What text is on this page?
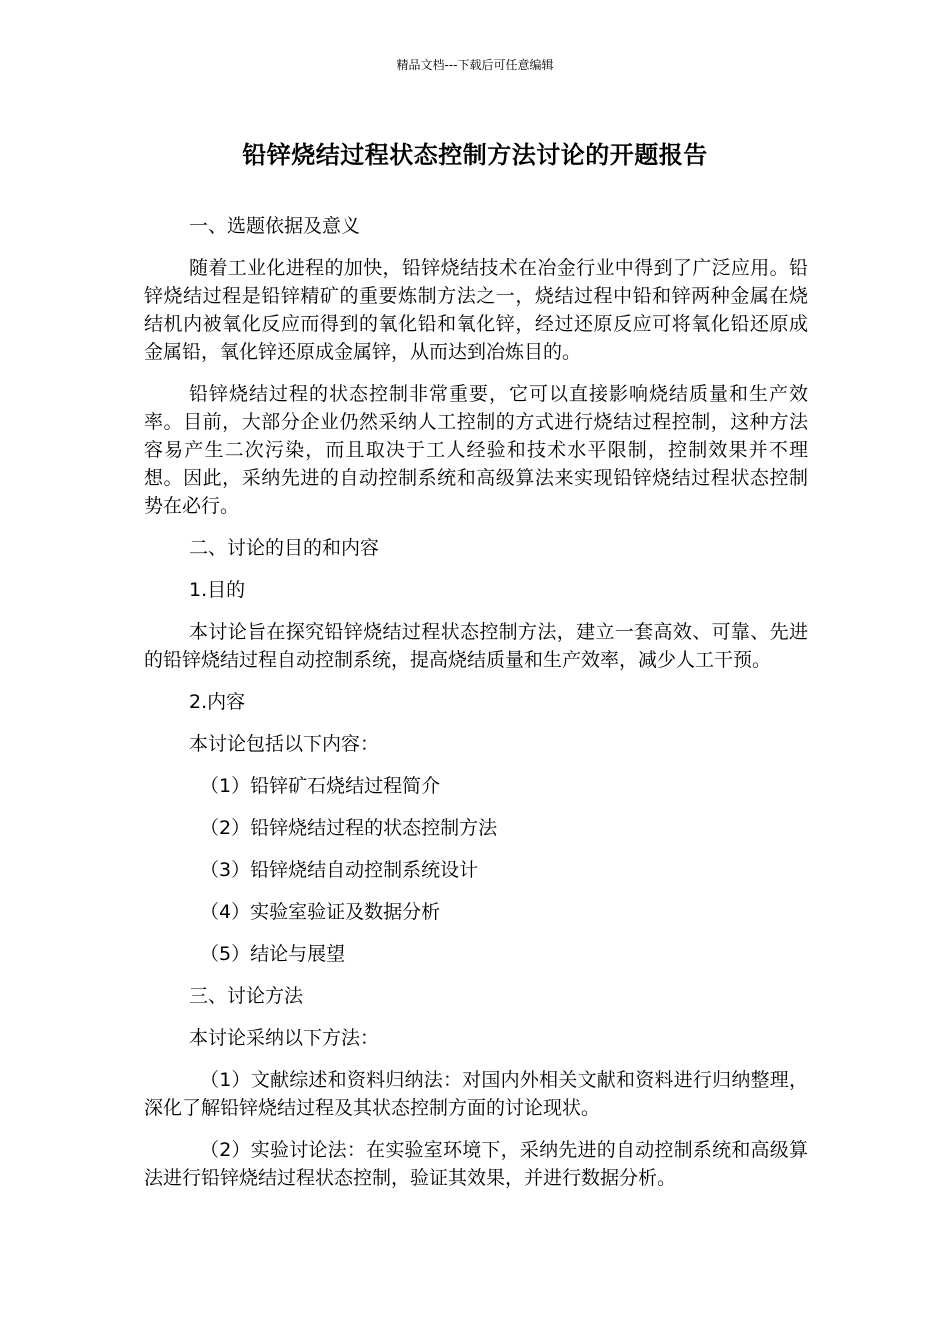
精品文档---下载后可任意编辑
铅锌烧结过程状态控制方法讨论的开题报告

一、选题依据及意义

随着工业化进程的加快，铅锌烧结技术在冶金行业中得到了广泛应用。铅锌烧结过程是铅锌精矿的重要炼制方法之一，烧结过程中铅和锌两种金属在烧结机内被氧化反应而得到的氧化铅和氧化锌，经过还原反应可将氧化铅还原成金属铅，氧化锌还原成金属锌，从而达到冶炼目的。

铅锌烧结过程的状态控制非常重要，它可以直接影响烧结质量和生产效率。目前，大部分企业仍然采纳人工控制的方式进行烧结过程控制，这种方法容易产生二次污染，而且取决于工人经验和技术水平限制，控制效果并不理想。因此，采纳先进的自动控制系统和高级算法来实现铅锌烧结过程状态控制势在必行。

二、讨论的目的和内容

1.目的

本讨论旨在探究铅锌烧结过程状态控制方法，建立一套高效、可靠、先进的铅锌烧结过程自动控制系统，提高烧结质量和生产效率，减少人工干预。

2.内容

本讨论包括以下内容：

（1）铅锌矿石烧结过程简介

（2）铅锌烧结过程的状态控制方法

（3）铅锌烧结自动控制系统设计

（4）实验室验证及数据分析

（5）结论与展望

三、讨论方法

本讨论采纳以下方法：

（1）文献综述和资料归纳法：对国内外相关文献和资料进行归纳整理，深化了解铅锌烧结过程及其状态控制方面的讨论现状。

（2）实验讨论法：在实验室环境下，采纳先进的自动控制系统和高级算法进行铅锌烧结过程状态控制，验证其效果，并进行数据分析。
